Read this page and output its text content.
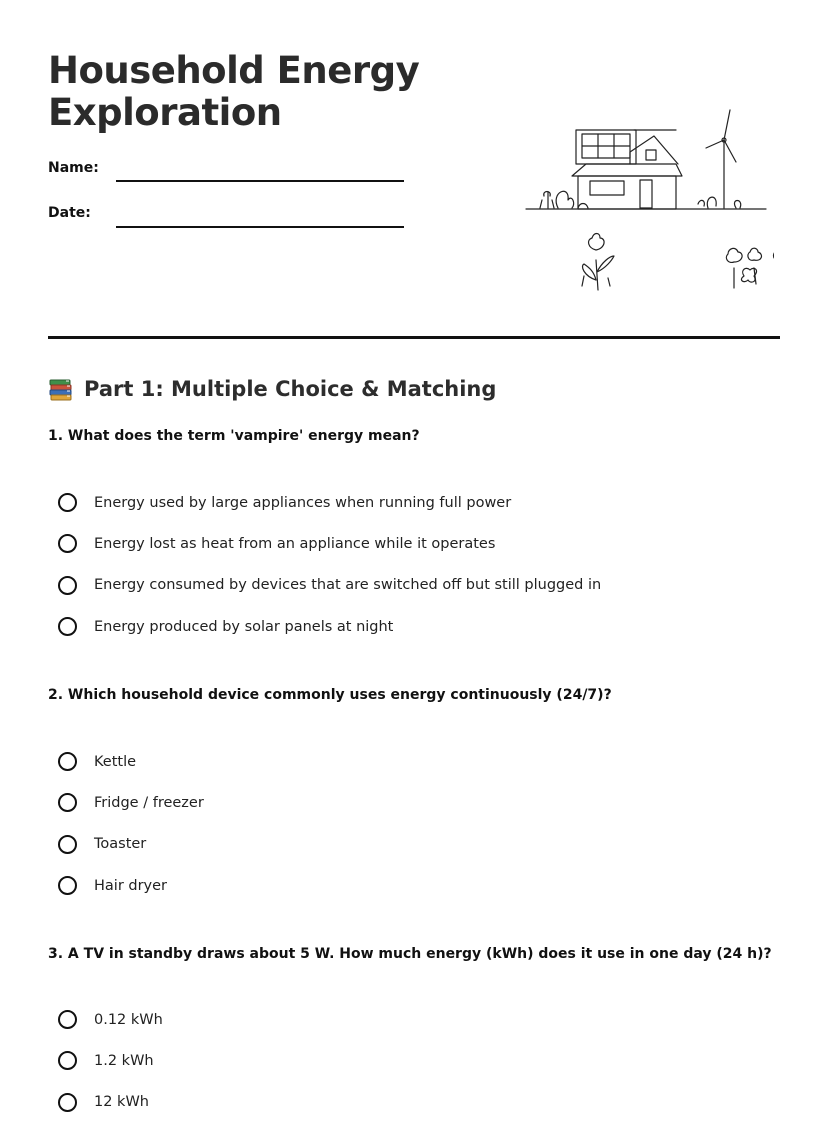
Household Energy Exploration
Name:
Date:
Part 1: Multiple Choice & Matching

1. What does the term 'vampire' energy mean?

Energy used by large appliances when running full power
Energy lost as heat from an appliance while it operates
Energy consumed by devices that are switched off but still plugged in
Energy produced by solar panels at night

2. Which household device commonly uses energy continuously (24/7)?

Kettle
Fridge / freezer
Toaster
Hair dryer

3. A TV in standby draws about 5 W. How much energy (kWh) does it use in one day (24 h)?

0.12 kWh
1.2 kWh
12 kWh
